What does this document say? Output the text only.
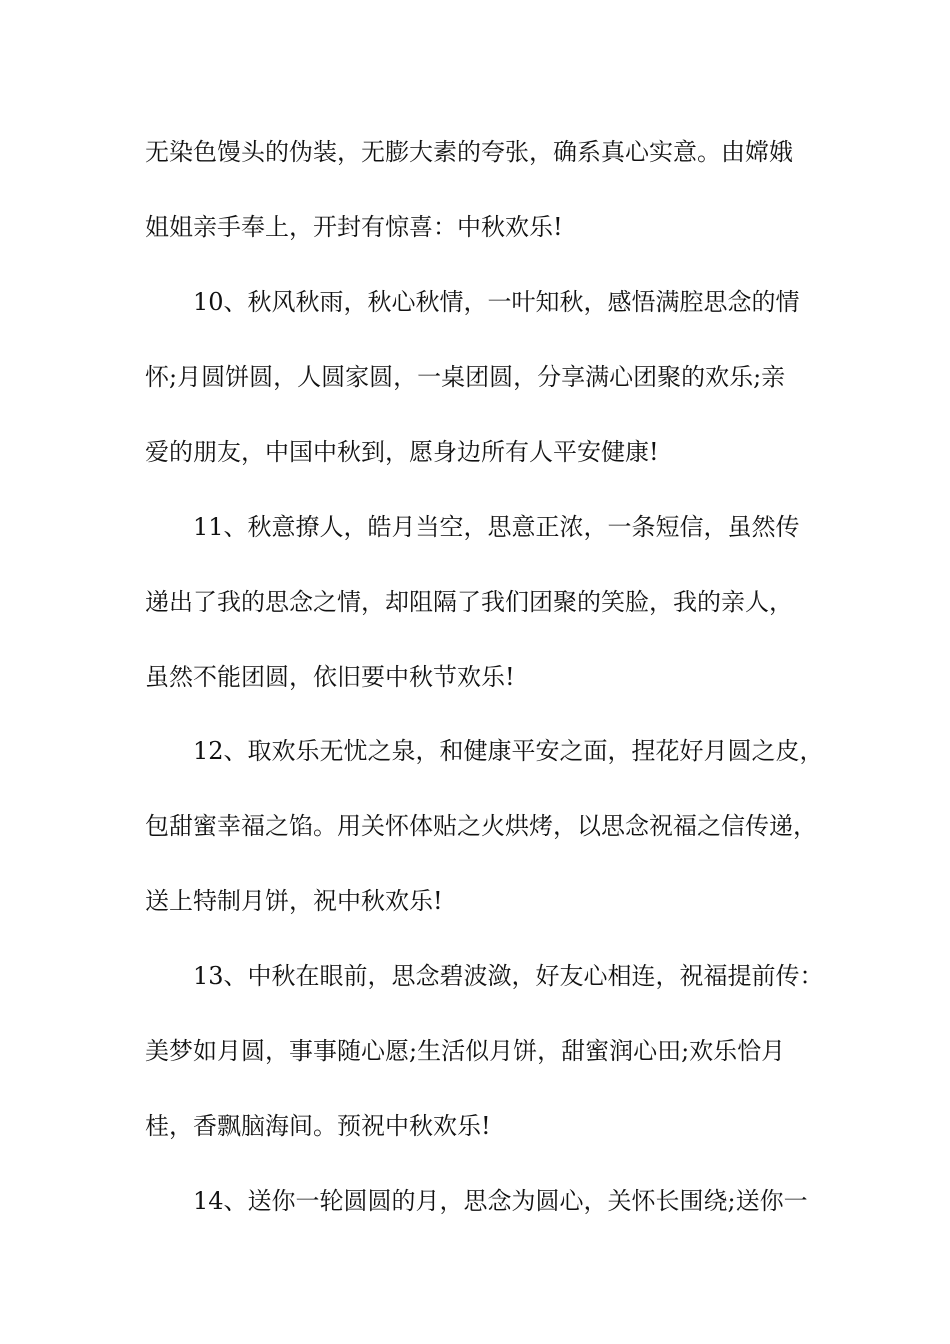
无染色馒头的伪装，无膨大素的夸张，确系真心实意。由嫦娥
姐姐亲手奉上，开封有惊喜：中秋欢乐!
10、秋风秋雨，秋心秋情，一叶知秋，感悟满腔思念的情
怀;月圆饼圆，人圆家圆，一桌团圆，分享满心团聚的欢乐;亲
爱的朋友，中国中秋到，愿身边所有人平安健康!
11、秋意撩人，皓月当空，思意正浓，一条短信，虽然传
递出了我的思念之情，却阻隔了我们团聚的笑脸，我的亲人，
虽然不能团圆，依旧要中秋节欢乐!
12、取欢乐无忧之泉，和健康平安之面，捏花好月圆之皮，
包甜蜜幸福之馅。用关怀体贴之火烘烤，以思念祝福之信传递，
送上特制月饼，祝中秋欢乐!
13、中秋在眼前，思念碧波潋，好友心相连，祝福提前传：
美梦如月圆，事事随心愿;生活似月饼，甜蜜润心田;欢乐恰月
桂，香飘脑海间。预祝中秋欢乐!
14、送你一轮圆圆的月，思念为圆心，关怀长围绕;送你一
